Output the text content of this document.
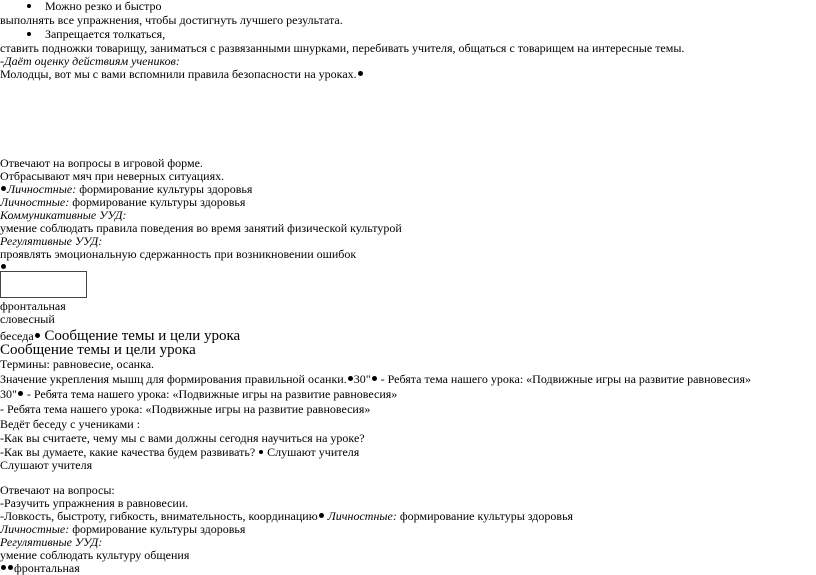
Можно резко и быстро
выполнять все упражнения, чтобы достигнуть лучшего результата.
Запрещается толкаться,
ставить подножки товарищу, заниматься с развязанными шнурками, перебивать учителя, общаться с товарищем на интересные темы.
-Даёт оценку действиям учеников:
Молодцы, вот мы с вами вспомнили правила безопасности на уроках.
Отвечают на вопросы в игровой форме.
Отбрасывают мяч при неверных ситуациях.
Личностные: формирование культуры здоровья
Личностные: формирование культуры здоровья
Коммуникативные УУД:
умение соблюдать правила поведения во время занятий физической культурой
Регулятивные УУД:
проявлять эмоциональную сдержанность при возникновении ошибок
фронтальная
словесный
беседа Сообщение темы и цели урока
Сообщение темы и цели урока
Термины: равновесие, осанка.
Значение укрепления мышц для формирования правильной осанки. 30" - Ребята тема нашего урока: «Подвижные игры на развитие равновесия»
30" - Ребята тема нашего урока: «Подвижные игры на развитие равновесия»
- Ребята тема нашего урока: «Подвижные игры на развитие равновесия»
Ведёт беседу с учениками :
-Как вы считаете, чему мы с вами должны сегодня научиться на уроке?
-Как вы думаете, какие качества будем развивать?  Слушают учителя
Слушают учителя
Отвечают на вопросы:
-Разучить упражнения в равновесии.
-Ловкость, быстроту, гибкость, внимательность, координацию Личностные: формирование культуры здоровья
Личностные: формирование культуры здоровья
Регулятивные УУД:
умение соблюдать культуру общения
фронтальная
